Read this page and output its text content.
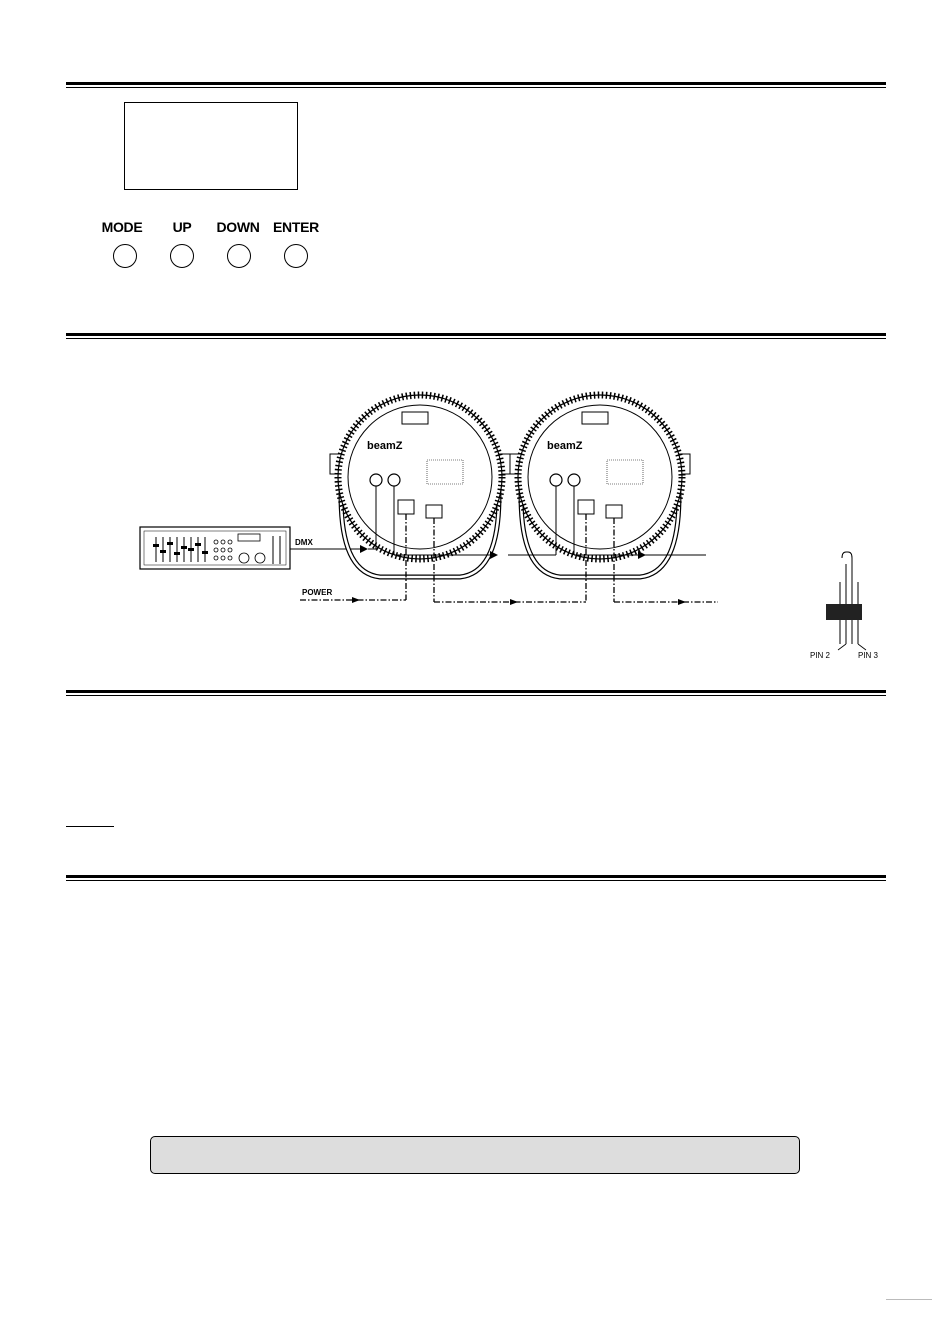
MODE	UP	DOWN ENTER
DMX
beamZ	beamZ
POWER
PIN 2	PIN 3
